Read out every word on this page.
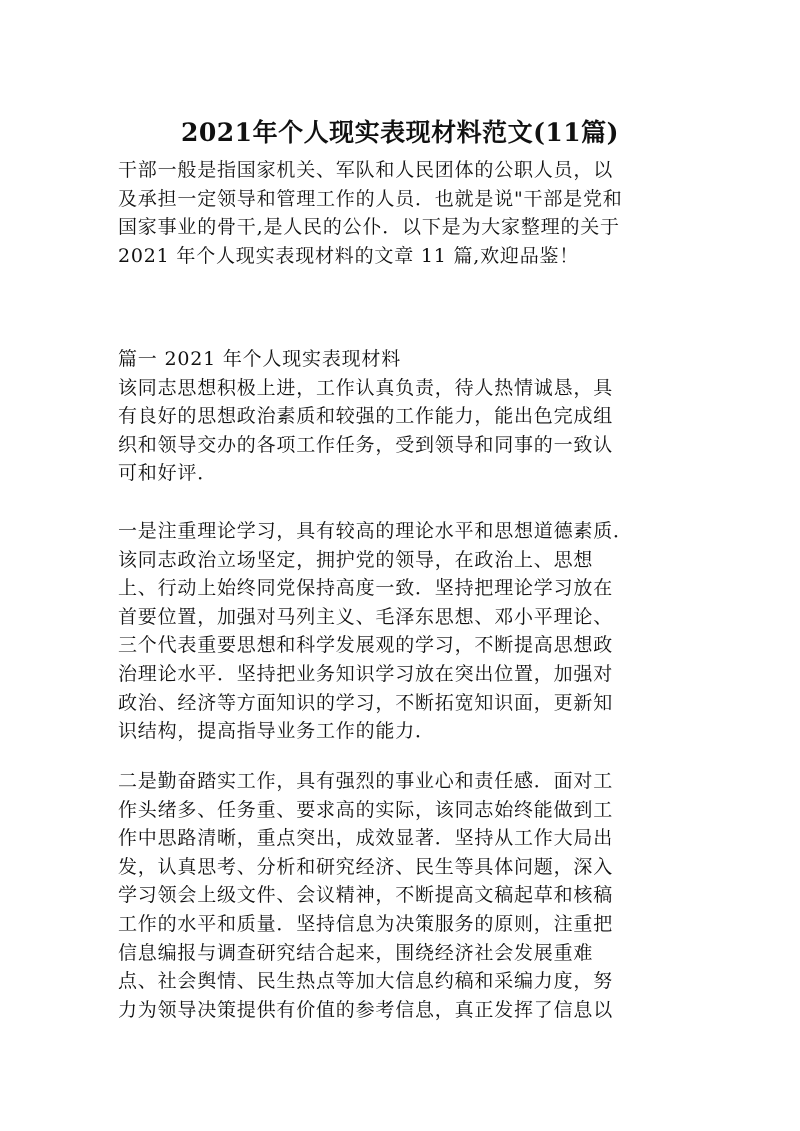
2021年个人现实表现材料范文(11篇)
干部一般是指国家机关、军队和人民团体的公职人员，以
及承担一定领导和管理工作的人员．也就是说"干部是党和
国家事业的骨干,是人民的公仆．以下是为大家整理的关于
2021 年个人现实表现材料的文章 11 篇,欢迎品鉴！
篇一 2021 年个人现实表现材料
该同志思想积极上进，工作认真负责，待人热情诚恳，具
有良好的思想政治素质和较强的工作能力，能出色完成组
织和领导交办的各项工作任务，受到领导和同事的一致认
可和好评．
一是注重理论学习，具有较高的理论水平和思想道德素质．
该同志政治立场坚定，拥护党的领导，在政治上、思想
上、行动上始终同党保持高度一致．坚持把理论学习放在
首要位置，加强对马列主义、毛泽东思想、邓小平理论、
三个代表重要思想和科学发展观的学习，不断提高思想政
治理论水平．坚持把业务知识学习放在突出位置，加强对
政治、经济等方面知识的学习，不断拓宽知识面，更新知
识结构，提高指导业务工作的能力．
二是勤奋踏实工作，具有强烈的事业心和责任感．面对工
作头绪多、任务重、要求高的实际，该同志始终能做到工
作中思路清晰，重点突出，成效显著．坚持从工作大局出
发，认真思考、分析和研究经济、民生等具体问题，深入
学习领会上级文件、会议精神，不断提高文稿起草和核稿
工作的水平和质量．坚持信息为决策服务的原则，注重把
信息编报与调查研究结合起来，围绕经济社会发展重难
点、社会舆情、民生热点等加大信息约稿和采编力度，努
力为领导决策提供有价值的参考信息，真正发挥了信息以
